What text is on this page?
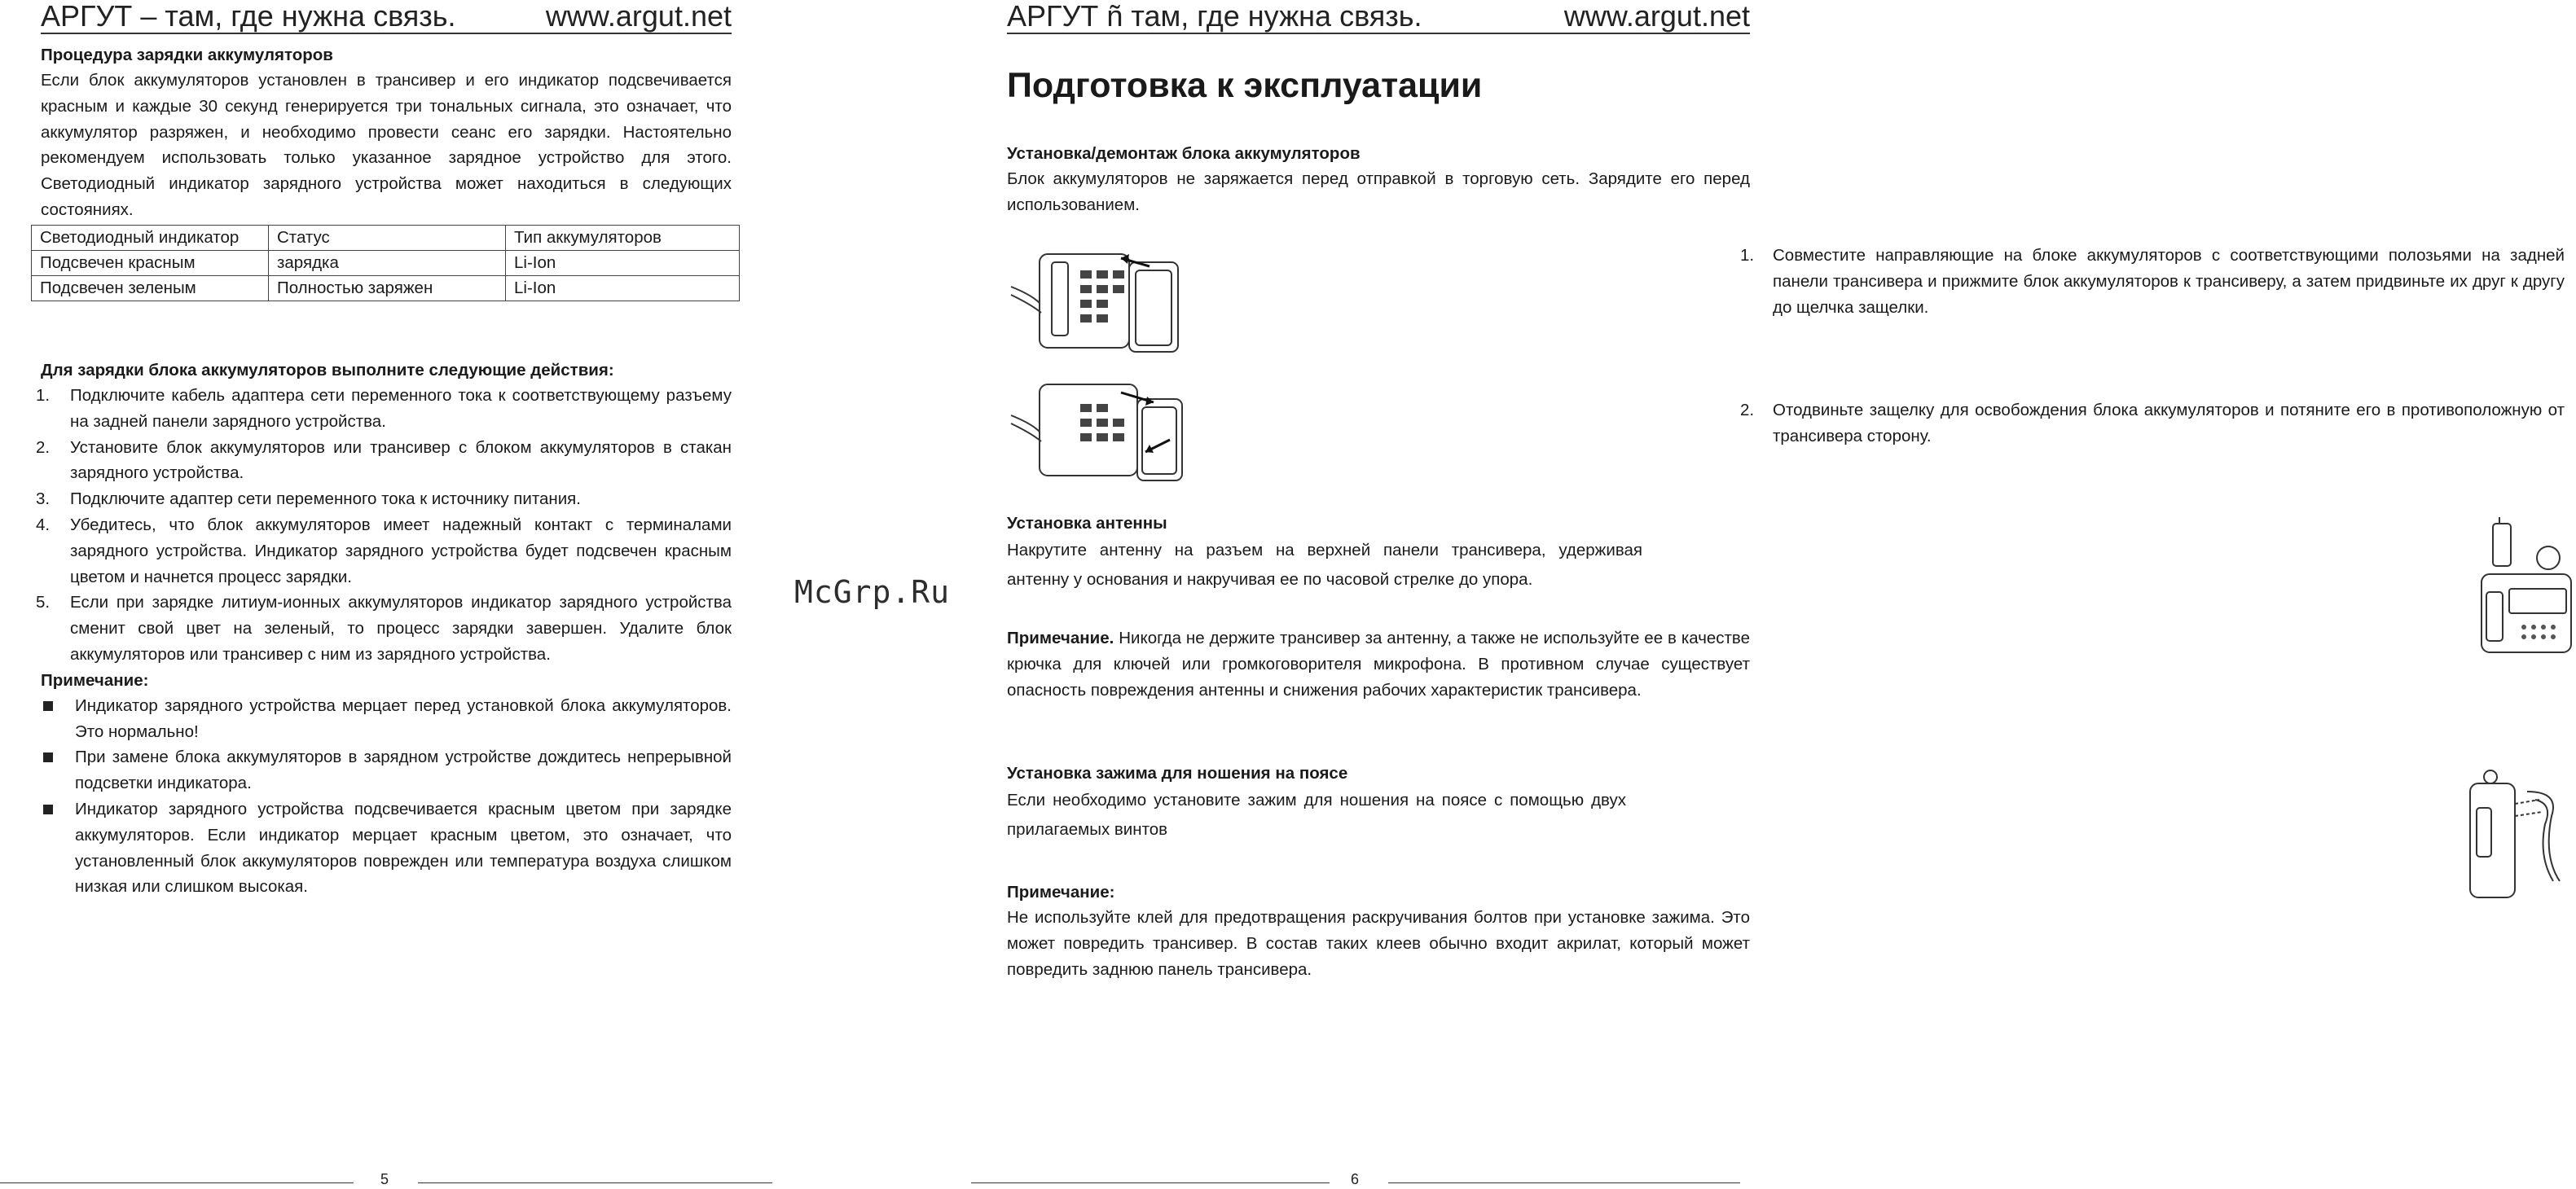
АРГУТ – там, где нужна связь.	www.argut.net

Процедура зарядки аккумуляторов

Если блок аккумуляторов установлен в трансивер и его индикатор подсвечивается красным и каждые 30 секунд генерируется три тональных сигнала, это означает, что аккумулятор разряжен, и необходимо провести сеанс его зарядки. Настоятельно рекомендуем использовать только указанное зарядное устройство для этого. Светодиодный индикатор зарядного устройства может находиться в следующих состояниях.

Светодиодный индикатор	Статус	Тип аккумуляторов
Подсвечен красным	зарядка	Li-Ion
Подсвечен зеленым	Полностью заряжен	Li-Ion

Для зарядки блока аккумуляторов выполните следующие действия:

1. Подключите кабель адаптера сети переменного тока к соответствующему разъему на задней панели зарядного устройства.
2. Установите блок аккумуляторов или трансивер с блоком аккумуляторов в стакан зарядного устройства.
3. Подключите адаптер сети переменного тока к источнику питания.
4. Убедитесь, что блок аккумуляторов имеет надежный контакт с терминалами зарядного устройства. Индикатор зарядного устройства будет подсвечен красным цветом и начнется процесс зарядки.
5. Если при зарядке литиум-ионных аккумуляторов индикатор зарядного устройства сменит свой цвет на зеленый, то процесс зарядки завершен. Удалите блок аккумуляторов или трансивер с ним из зарядного устройства.

Примечание:

Индикатор зарядного устройства мерцает перед установкой блока аккумуляторов. Это нормально!
При замене блока аккумуляторов в зарядном устройстве дождитесь непрерывной подсветки индикатора.
Индикатор зарядного устройства подсвечивается красным цветом при зарядке аккумуляторов. Если индикатор мерцает красным цветом, это означает, что установленный блок аккумуляторов поврежден или температура воздуха слишком низкая или слишком высокая.
5
McGrp.Ru
АРГУТ ñ там, где нужна связь.	www.argut.net
Подготовка к эксплуатации

Установка/демонтаж блока аккумуляторов

Блок аккумуляторов не заряжается перед отправкой в торговую сеть. Зарядите его перед использованием.

1. Совместите направляющие на блоке аккумуляторов с соответствующими полозьями на задней панели трансивера и прижмите блок аккумуляторов к трансиверу, а затем придвиньте их друг к другу до щелчка защелки.
2. Отодвиньте защелку для освобождения блока аккумуляторов и потяните его в противоположную от трансивера сторону.

Установка антенны

Накрутите антенну на разъем на верхней панели трансивера, удерживая антенну у основания и накручивая ее по часовой стрелке до упора.

Примечание. Никогда не держите трансивер за антенну, а также не используйте ее в качестве крючка для ключей или громкоговорителя микрофона. В противном случае существует опасность повреждения антенны и снижения рабочих характеристик трансивера.

Установка зажима для ношения на поясе

Если необходимо установите зажим для ношения на поясе с помощью двух прилагаемых винтов

Примечание:

Не используйте клей для предотвращения раскручивания болтов при установке зажима. Это может повредить трансивер. В состав таких клеев обычно входит акрилат, который может повредить заднюю панель трансивера.

6
